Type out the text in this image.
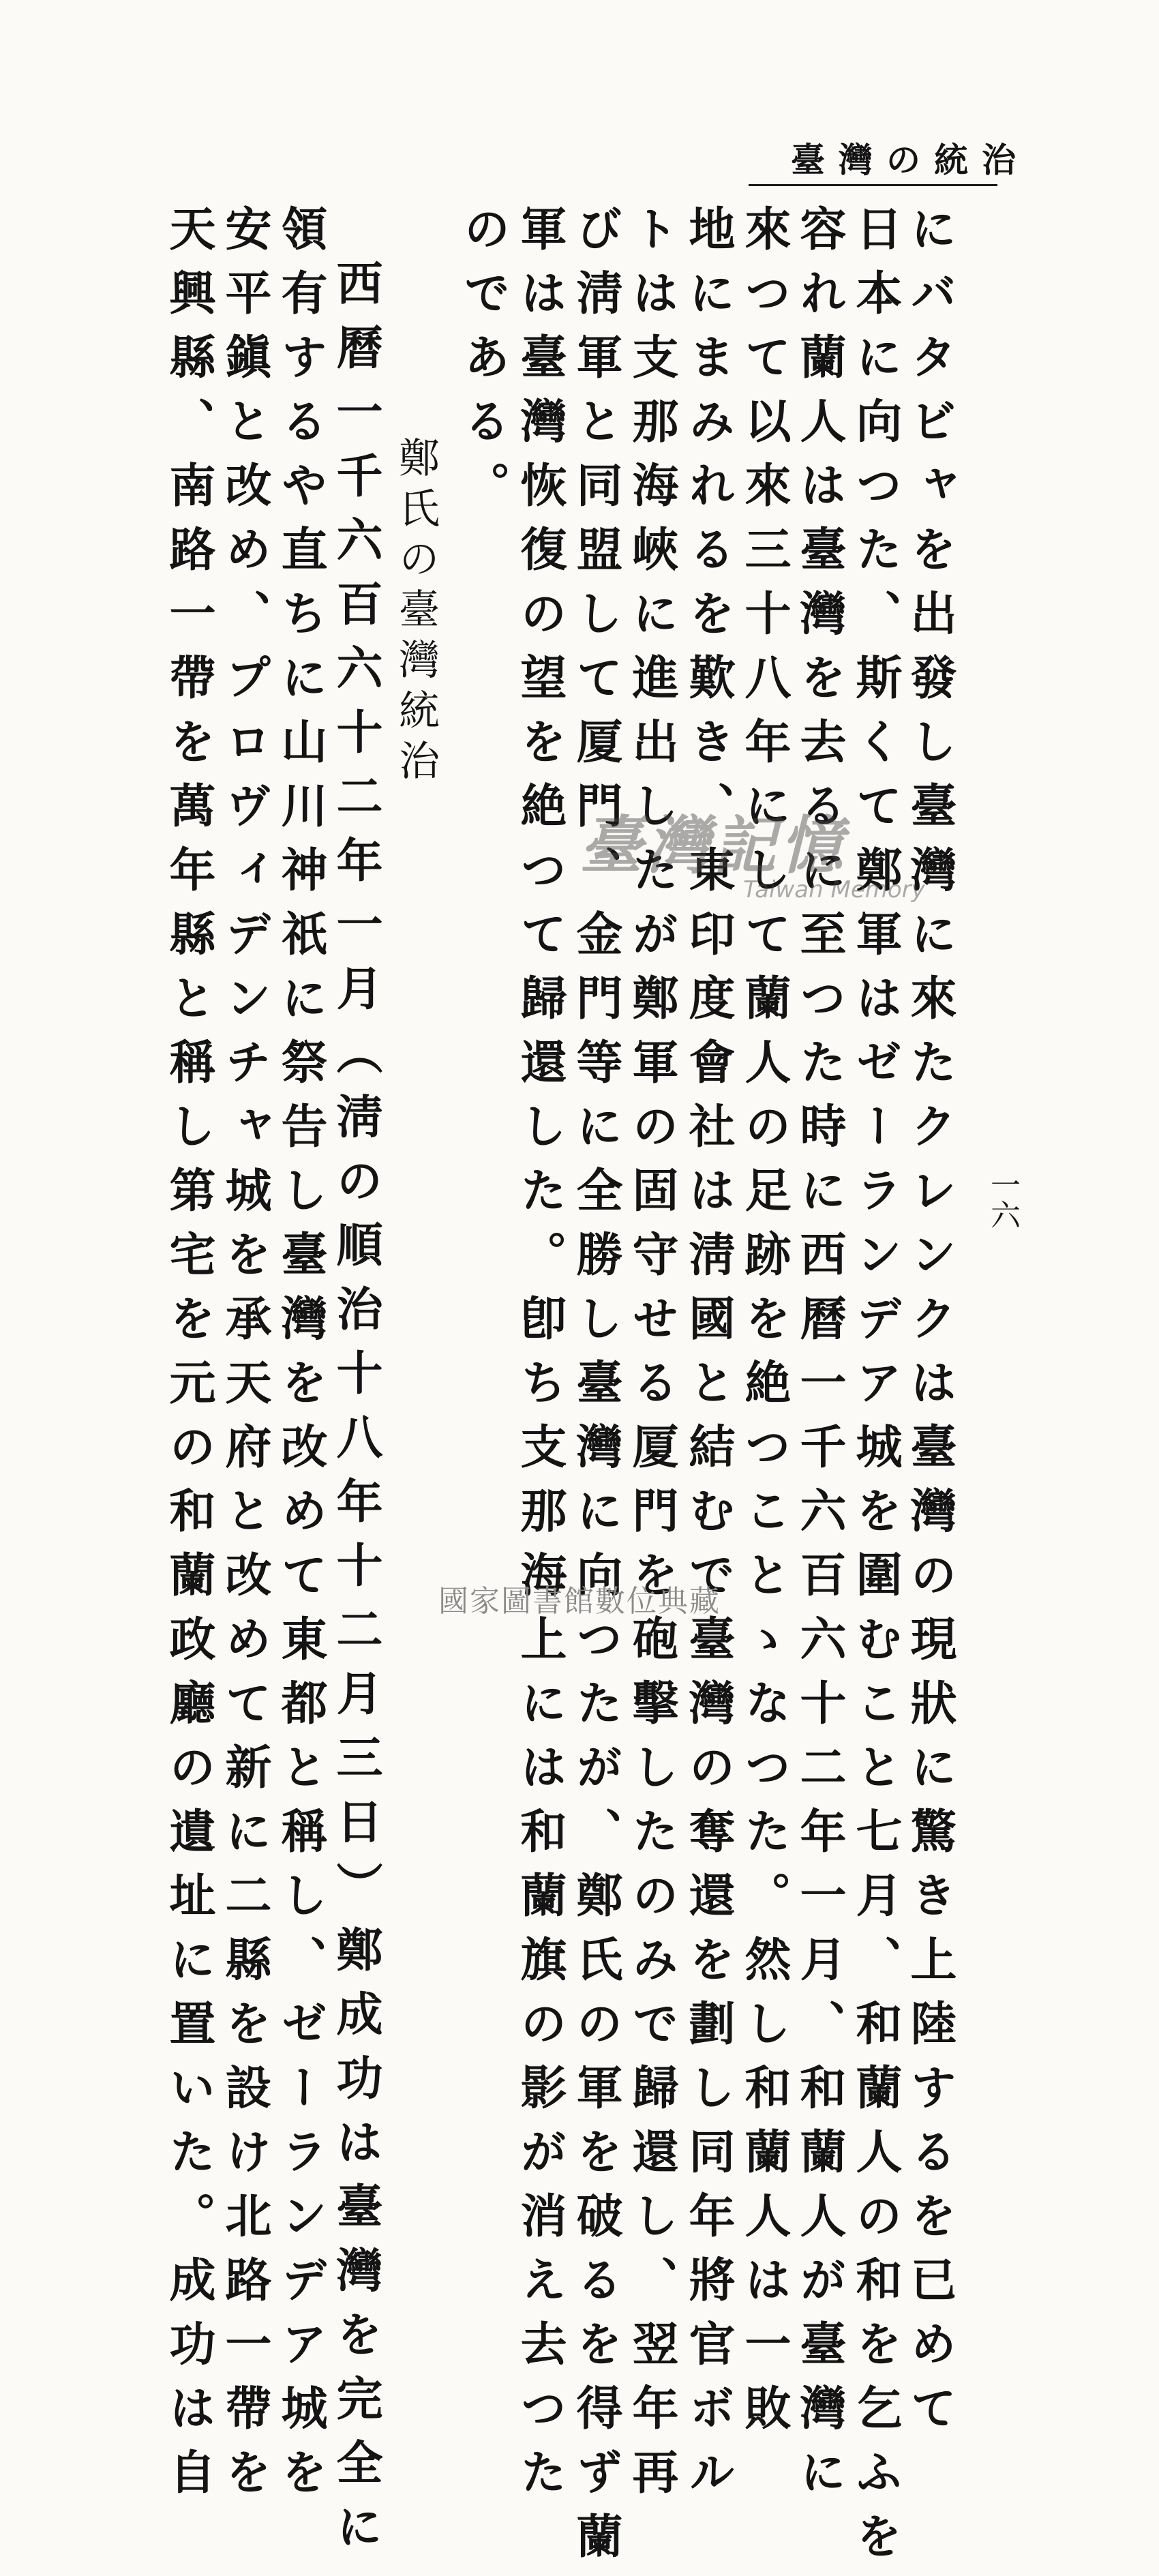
臺灣の統治
一六
にバタビャを出發し臺灣に來たクレンクは臺灣の現狀に驚き上陸するを已めて
日本に向つた、斯くて鄭軍はゼーランデア城を圍むこと七月、和蘭人の和を乞ふを
容れ蘭人は臺灣を去るに至つた時に西曆一千六百六十二年一月、和蘭人が臺灣に
來つて以來三十八年にして蘭人の足跡を絶つことゝなつた。然し和蘭人は一敗
地にまみれるを歎き、東印度會社は淸國と結むで臺灣の奪還を劃し同年將官ボル
トは支那海峽に進出したが鄭軍の固守せる厦門を砲擊したのみで歸還し、翌年再
び淸軍と同盟して厦門、金門等に全勝し臺灣に向つたが、鄭氏の軍を破るを得ず蘭
軍は臺灣恢復の望を絶つて歸還した。卽ち支那海上には和蘭旗の影が消え去つた
のである。
鄭氏の臺灣統治
西曆一千六百六十二年一月（淸の順治十八年十二月三日）鄭成功は臺灣を完全に
領有するや直ちに山川神祇に祭告し臺灣を改めて東都と稱し、ゼーランデア城を
安平鎭と改め、プロヴィデンチャ城を承天府と改めて新に二縣を設け北路一帶を
天興縣、南路一帶を萬年縣と稱し第宅を元の和蘭政廳の遺址に置いた。成功は自	臺灣記憶
Taiwan Memory
國家圖書館數位典藏
